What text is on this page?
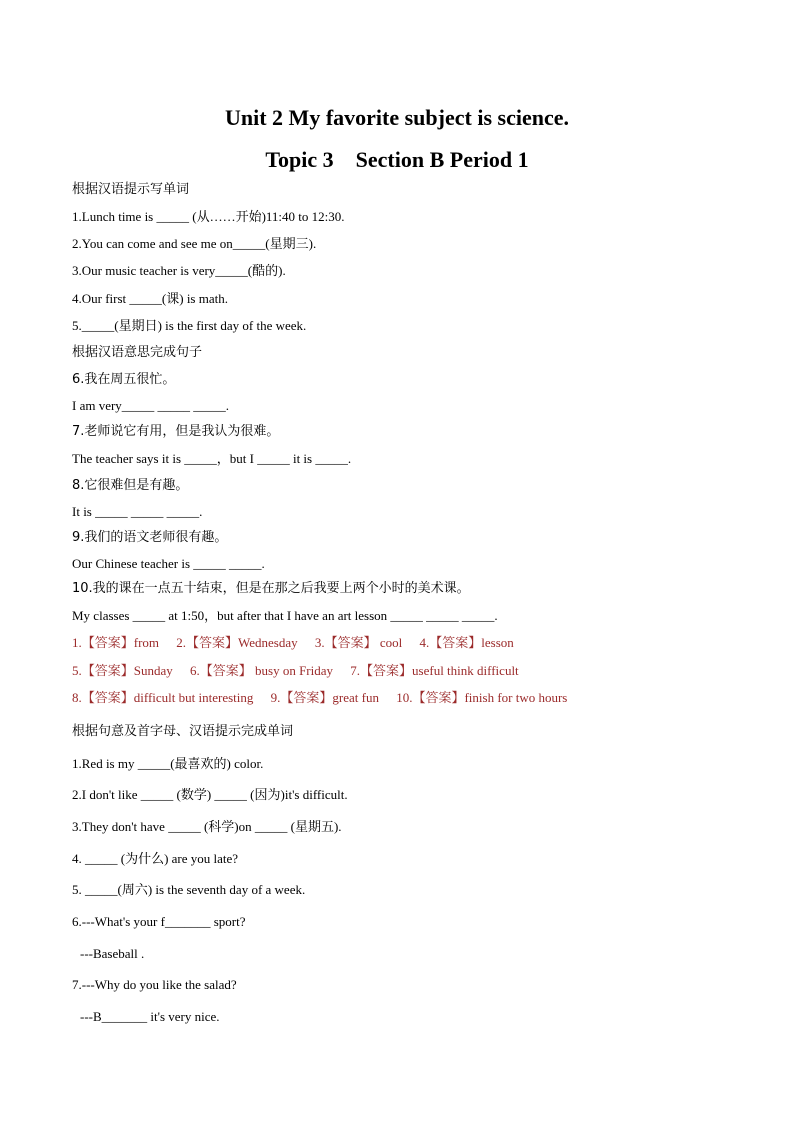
Unit 2 My favorite subject is science.
Topic 3    Section B Period 1
根据汉语提示写单词
1.Lunch time is _____ (从……开始)11:40 to 12:30.
2.You can come and see me on_____(星期三).
3.Our music teacher is very_____(酷的).
4.Our first _____(课) is math.
5._____(星期日) is the first day of the week.
根据汉语意思完成句子
6.我在周五很忙。
I am very_____ _____ _____.
7.老师说它有用，但是我认为很难。
The teacher says it is _____，but I _____ it is _____.
8.它很难但是有趣。
It is _____ _____ _____.
9.我们的语文老师很有趣。
Our Chinese teacher is _____ _____.
10.我的课在一点五十结束，但是在那之后我要上两个小时的美术课。
My classes _____ at 1:50，but after that I have an art lesson _____ _____ _____.
1.【答案】from 2.【答案】Wednesday 3.【答案】 cool 4.【答案】lesson
5.【答案】Sunday 6.【答案】 busy on Friday 7.【答案】useful think difficult
8.【答案】difficult but interesting 9.【答案】great fun 10.【答案】finish for two hours
根据句意及首字母、汉语提示完成单词
1.Red is my _____(最喜欢的) color.
2.I don't like _____ (数学) _____ (因为)it's difficult.
3.They don't have _____ (科学)on _____ (星期五).
4. _____ (为什么) are you late?
5. _____(周六) is the seventh day of a week.
6.---What's your f_______ sport?
---Baseball .
7.---Why do you like the salad?
---B_______ it's very nice.
